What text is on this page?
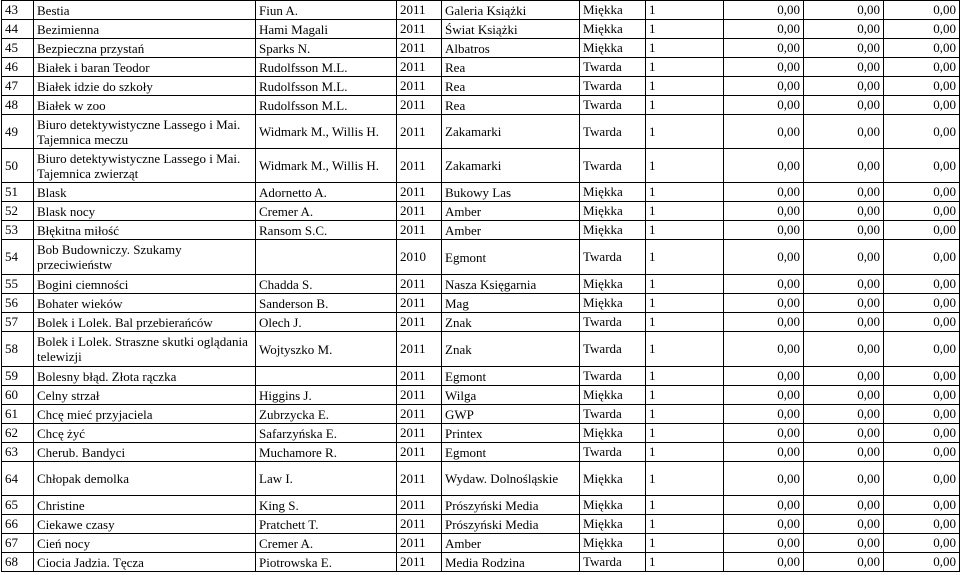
43	Bestia	Fiun A.	2011	Galeria Książki	Miękka	1	0,00	0,00	0,00
44	Bezimienna	Hami Magali	2011	Świat Książki	Miękka	1	0,00	0,00	0,00
45	Bezpieczna przystań	Sparks N.	2011	Albatros	Miękka	1	0,00	0,00	0,00
46	Białek i baran Teodor	Rudolfsson M.L.	2011	Rea	Twarda	1	0,00	0,00	0,00
47	Białek idzie do szkoły	Rudolfsson M.L.	2011	Rea	Twarda	1	0,00	0,00	0,00
48	Białek w zoo	Rudolfsson M.L.	2011	Rea	Twarda	1	0,00	0,00	0,00
49	Biuro detektywistyczne Lassego i Mai. Tajemnica meczu	Widmark M., Willis H.	2011	Zakamarki	Twarda	1	0,00	0,00	0,00
50	Biuro detektywistyczne Lassego i Mai. Tajemnica zwierząt	Widmark M., Willis H.	2011	Zakamarki	Twarda	1	0,00	0,00	0,00
51	Blask	Adornetto A.	2011	Bukowy Las	Miękka	1	0,00	0,00	0,00
52	Blask nocy	Cremer A.	2011	Amber	Miękka	1	0,00	0,00	0,00
53	Błękitna miłość	Ransom S.C.	2011	Amber	Miękka	1	0,00	0,00	0,00
54	Bob Budowniczy. Szukamy przeciwieństw		2010	Egmont	Twarda	1	0,00	0,00	0,00
55	Bogini ciemności	Chadda S.	2011	Nasza Księgarnia	Miękka	1	0,00	0,00	0,00
56	Bohater wieków	Sanderson B.	2011	Mag	Miękka	1	0,00	0,00	0,00
57	Bolek i Lolek. Bal przebierańców	Olech J.	2011	Znak	Twarda	1	0,00	0,00	0,00
58	Bolek i Lolek. Straszne skutki oglądania telewizji	Wojtyszko M.	2011	Znak	Twarda	1	0,00	0,00	0,00
59	Bolesny błąd. Złota rączka		2011	Egmont	Twarda	1	0,00	0,00	0,00
60	Celny strzał	Higgins J.	2011	Wilga	Miękka	1	0,00	0,00	0,00
61	Chcę mieć przyjaciela	Zubrzycka E.	2011	GWP	Twarda	1	0,00	0,00	0,00
62	Chcę żyć	Safarzyńska E.	2011	Printex	Miękka	1	0,00	0,00	0,00
63	Cherub. Bandyci	Muchamore R.	2011	Egmont	Twarda	1	0,00	0,00	0,00
64	Chłopak demolka	Law I.	2011	Wydaw. Dolnośląskie	Miękka	1	0,00	0,00	0,00
65	Christine	King S.	2011	Prószyński Media	Miękka	1	0,00	0,00	0,00
66	Ciekawe czasy	Pratchett T.	2011	Prószyński Media	Miękka	1	0,00	0,00	0,00
67	Cień nocy	Cremer A.	2011	Amber	Miękka	1	0,00	0,00	0,00
68	Ciocia Jadzia. Tęcza	Piotrowska E.	2011	Media Rodzina	Twarda	1	0,00	0,00	0,00
